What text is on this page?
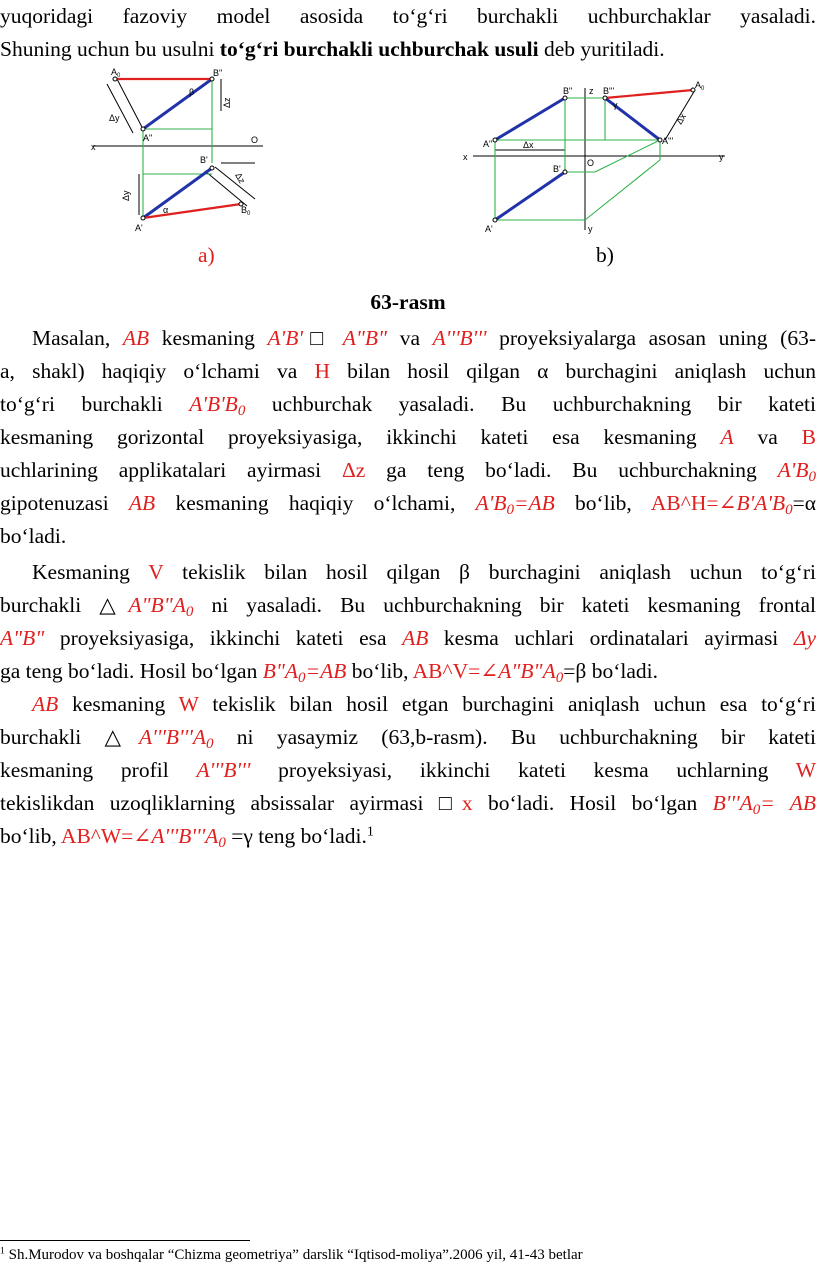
yuqoridagi fazoviy model asosida to‘g‘ri burchakli uchburchaklar yasaladi.
Shuning uchun bu usulni to‘g‘ri burchakli uchburchak usuli deb yuritiladi.
$A_0$	B"
A"
B'
A'
$B_0$
x
O
Δy
Δy
Δz
Δz
β
α
B" z B'''
$A_0$
γ
A"	A'''
Δx
Δx
x
O
y
B'
A'	y
a)	b)
63-rasm
Masalan, AB kesmaning A'B'□ A"B" va A'''B''' proyeksiyalarga asosan uning (63-
a, shakl) haqiqiy o‘lchami va H bilan hosil qilgan α burchagini aniqlash uchun
to‘g‘ri burchakli $A'B'B_0$ uchburchak yasaladi. Bu uchburchakning bir kateti
kesmaning gorizontal proyeksiyasiga, ikkinchi kateti esa kesmaning A va B
uchlarining applikatalari ayirmasi Δz ga teng bo‘ladi. Bu uchburchakning $A'B_0$
gipotenuzasi AB kesmaning haqiqiy o‘lchami, $A'B_0=AB$ bo‘lib, $AB\^{}H=\angle B'A'B_0=\alpha$
bo‘ladi.
Kesmaning V tekislik bilan hosil qilgan β burchagini aniqlash uchun to‘g‘ri
burchakli $\triangle A"B"A_0$ ni yasaladi. Bu uchburchakning bir kateti kesmaning frontal
A"B" proyeksiyasiga, ikkinchi kateti esa AB kesma uchlari ordinatalari ayirmasi Δy
ga teng bo‘ladi. Hosil bo‘lgan $B"A_0=AB$ bo‘lib, $AB\^{}V=\angle A"B"A_0=\beta$ bo‘ladi.
AB kesmaning W tekislik bilan hosil etgan burchagini aniqlash uchun esa to‘g‘ri
burchakli $\triangle A'''B'''A_0$ ni yasaymiz (63,b-rasm). Bu uchburchakning bir kateti
kesmaning profil A'''B''' proyeksiyasi, ikkinchi kateti kesma uchlarning W
tekislikdan uzoqliklarning absissalar ayirmasi □x bo‘ladi. Hosil bo‘lgan $B'''A_0=$ AB
bo‘lib, $AB\^{}W=\angle A'''B'''A_0 =\gamma$ teng bo‘ladi.$^1$
$^1$ Sh.Murodov va boshqalar “Chizma geometriya” darslik “Iqtisod-moliya”.2006 yil, 41-43 betlar
